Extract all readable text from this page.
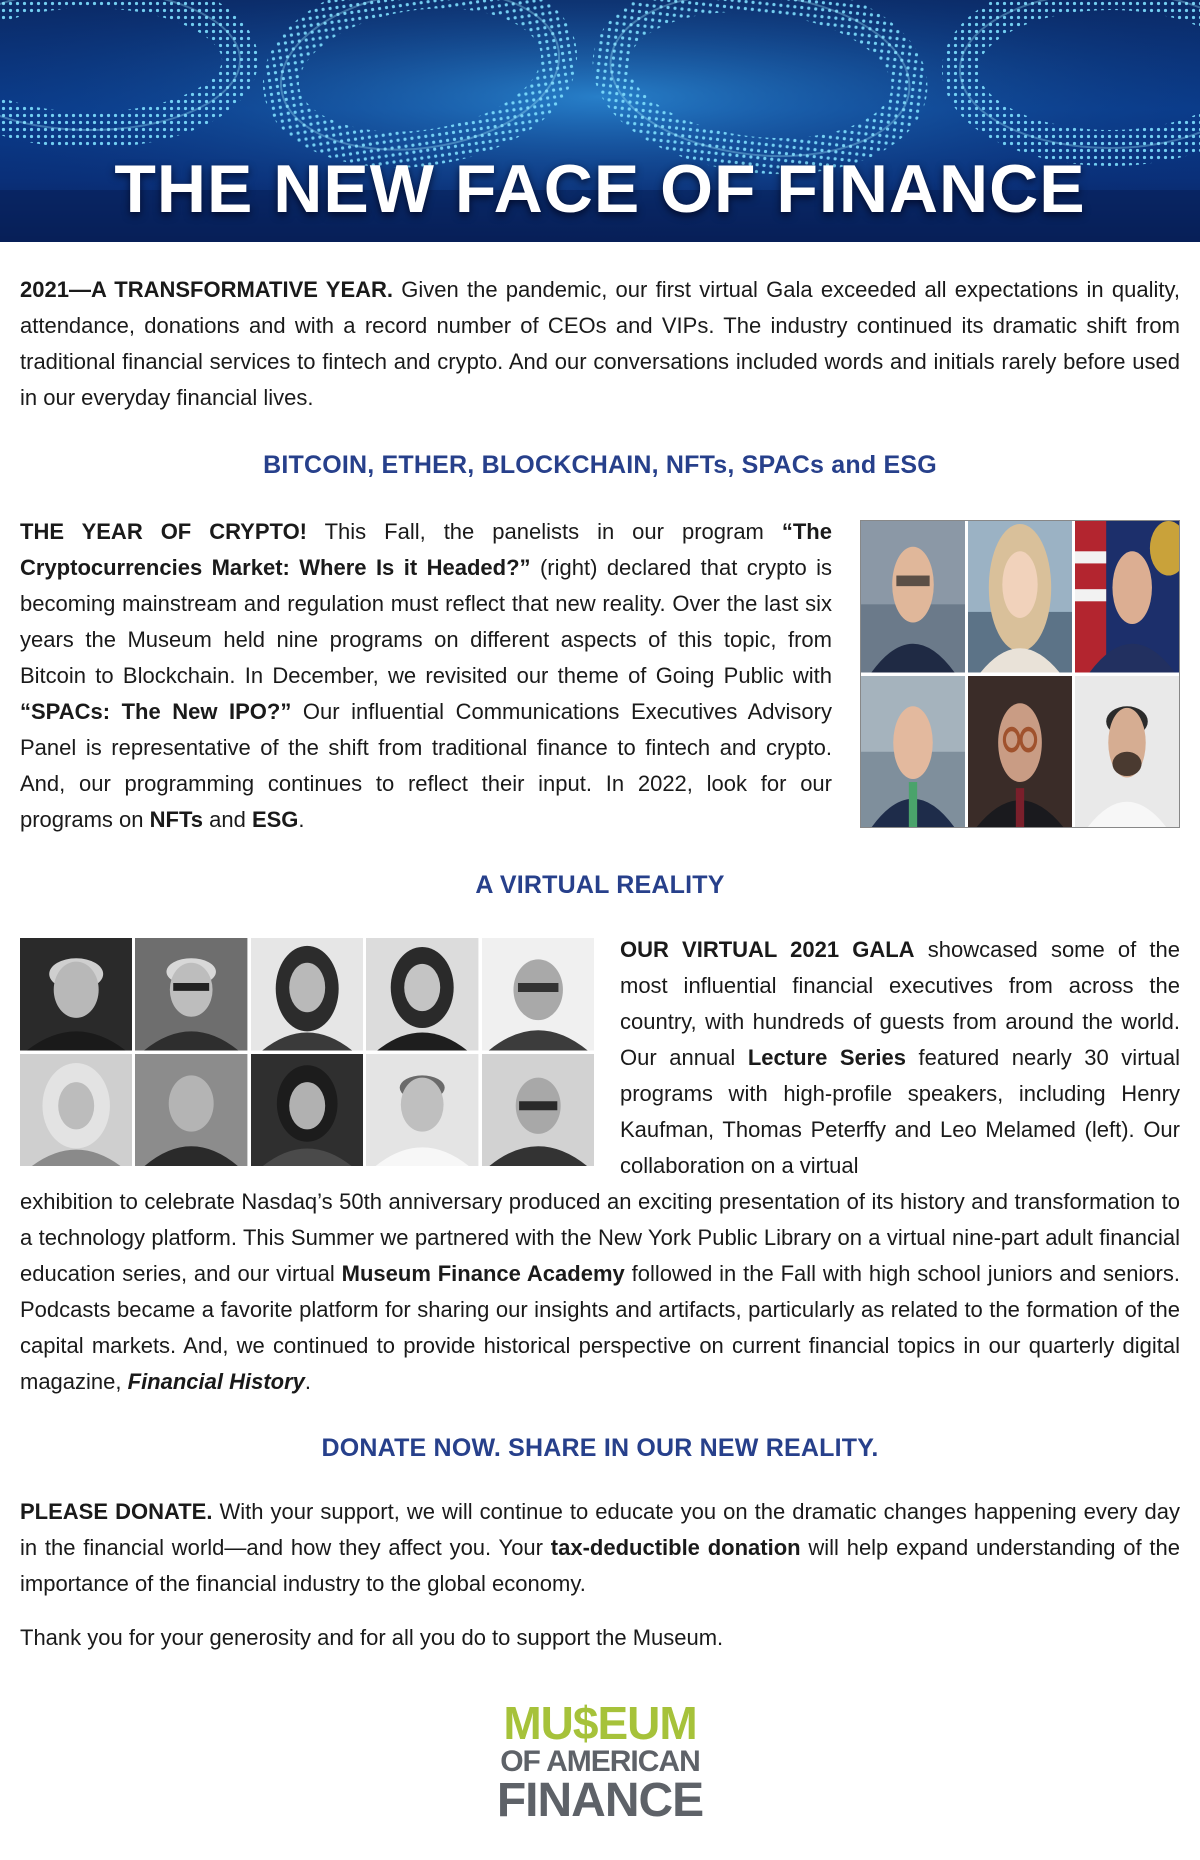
THE NEW FACE OF FINANCE

2021—A TRANSFORMATIVE YEAR. Given the pandemic, our first virtual Gala exceeded all expectations in quality, attendance, donations and with a record number of CEOs and VIPs. The industry continued its dramatic shift from traditional financial services to fintech and crypto. And our conversations included words and initials rarely before used in our everyday financial lives.

BITCOIN, ETHER, BLOCKCHAIN, NFTs, SPACs and ESG

THE YEAR OF CRYPTO! This Fall, the panelists in our program “The Cryptocurrencies Market: Where Is it Headed?” (right) declared that crypto is becoming mainstream and regulation must reflect that new reality. Over the last six years the Museum held nine programs on different aspects of this topic, from Bitcoin to Blockchain. In December, we revisited our theme of Going Public with “SPACs: The New IPO?” Our influential Communications Executives Advisory Panel is representative of the shift from traditional finance to fintech and crypto. And, our programming continues to reflect their input. In 2022, look for our programs on NFTs and ESG.

A VIRTUAL REALITY

OUR VIRTUAL 2021 GALA showcased some of the most influential financial executives from across the country, with hundreds of guests from around the world. Our annual Lecture Series featured nearly 30 virtual programs with high-profile speakers, including Henry Kaufman, Thomas Peterffy and Leo Melamed (left). Our collaboration on a virtual

exhibition to celebrate Nasdaq’s 50th anniversary produced an exciting presentation of its history and transformation to a technology platform. This Summer we partnered with the New York Public Library on a virtual nine-part adult financial education series, and our virtual Museum Finance Academy followed in the Fall with high school juniors and seniors. Podcasts became a favorite platform for sharing our insights and artifacts, particularly as related to the formation of the capital markets. And, we continued to provide historical perspective on current financial topics in our quarterly digital magazine, Financial History.

DONATE NOW. SHARE IN OUR NEW REALITY.

PLEASE DONATE. With your support, we will continue to educate you on the dramatic changes happening every day in the financial world—and how they affect you. Your tax-deductible donation will help expand understanding of the importance of the financial industry to the global economy.

Thank you for your generosity and for all you do to support the Museum.

MU$EUM
OF AMERICAN
FINANCE
